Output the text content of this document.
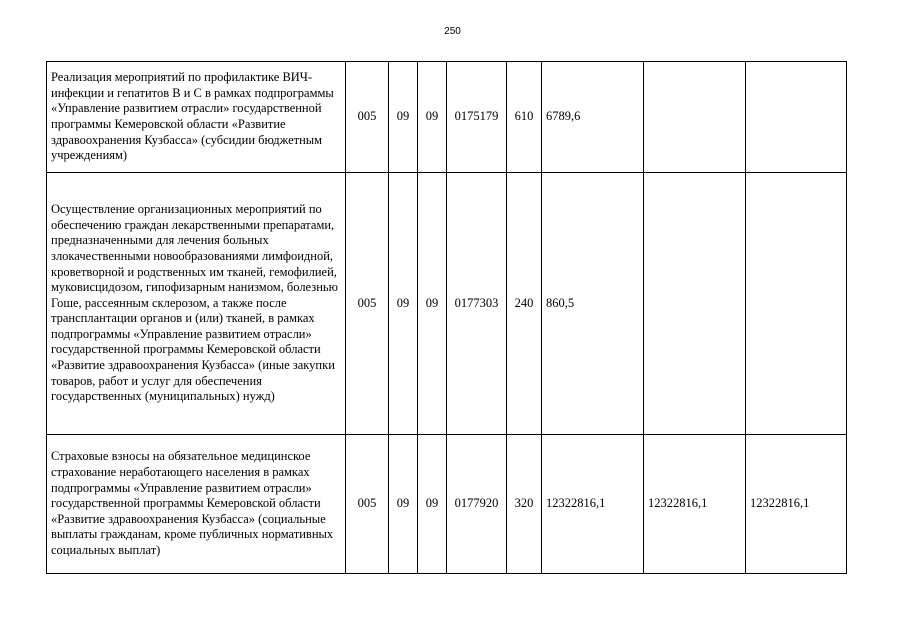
250
Реализация мероприятий по профилактике ВИЧ-инфекции и гепатитов B и C в рамках подпрограммы «Управление развитием отрасли» государственной программы Кемеровской области «Развитие здравоохранения Кузбасса» (субсидии бюджетным учреждениям)	005	09	09	0175179	610	6789,6		
Осуществление организационных мероприятий по обеспечению граждан лекарственными препаратами, предназначенными для лечения больных злокачественными новообразованиями лимфоидной, кроветворной и родственных им тканей, гемофилией, муковисцидозом, гипофизарным нанизмом, болезнью Гоше, рассеянным склерозом, а также после трансплантации органов и (или) тканей, в рамках подпрограммы «Управление развитием отрасли» государственной программы Кемеровской области «Развитие здравоохранения Кузбасса» (иные закупки товаров, работ и услуг для обеспечения государственных (муниципальных) нужд)	005	09	09	0177303	240	860,5		
Страховые взносы на обязательное медицинское страхование неработающего населения в рамках подпрограммы «Управление развитием отрасли» государственной программы Кемеровской области «Развитие здравоохранения Кузбасса» (социальные выплаты гражданам, кроме публичных нормативных социальных выплат)	005	09	09	0177920	320	12322816,1	12322816,1	12322816,1
